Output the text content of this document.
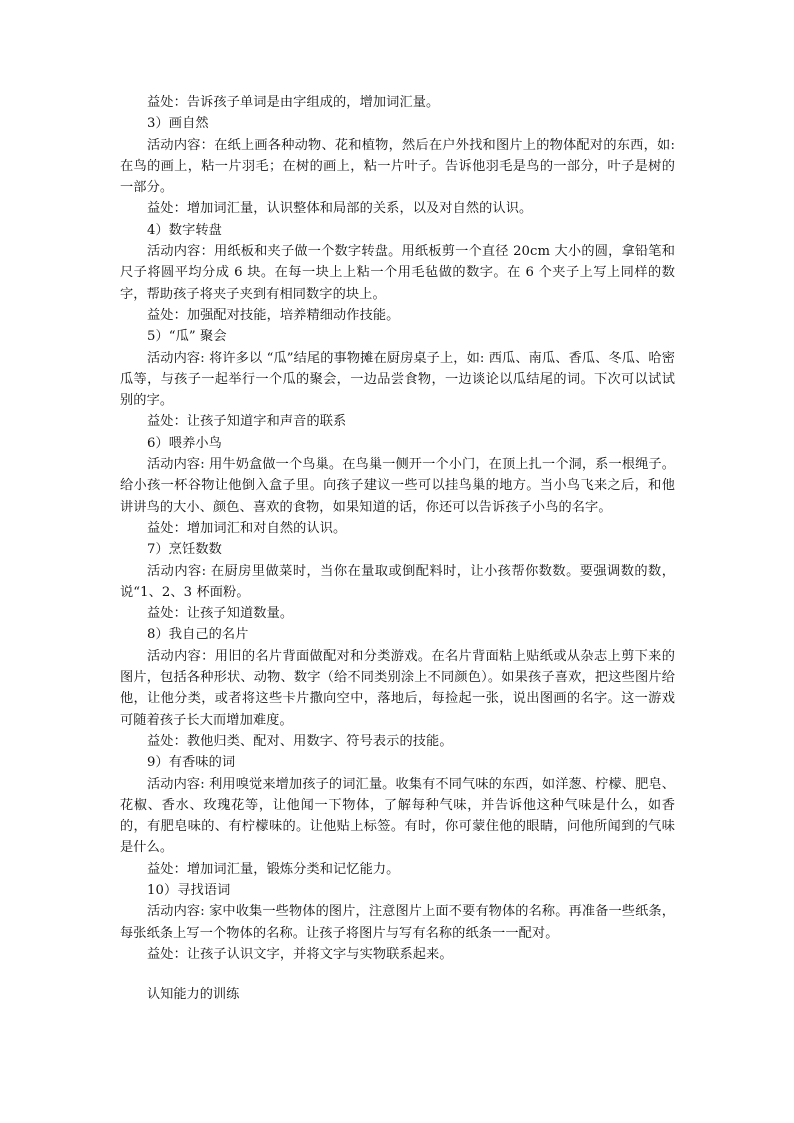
益处：告诉孩子单词是由字组成的，增加词汇量。

3）画自然

活动内容：在纸上画各种动物、花和植物，然后在户外找和图片上的物体配对的东西，如: 在鸟的画上，粘一片羽毛；在树的画上，粘一片叶子。告诉他羽毛是鸟的一部分，叶子是树的一部分。

益处：增加词汇量，认识整体和局部的关系，以及对自然的认识。

4）数字转盘

活动内容：用纸板和夹子做一个数字转盘。用纸板剪一个直径 20cm 大小的圆，拿铅笔和尺子将圆平均分成 6 块。在每一块上上粘一个用毛毡做的数字。在 6 个夹子上写上同样的数字，帮助孩子将夹子夹到有相同数字的块上。

益处：加强配对技能，培养精细动作技能。

5）“瓜” 聚会

活动内容: 将许多以 “瓜”结尾的事物摊在厨房桌子上，如: 西瓜、南瓜、香瓜、冬瓜、哈密瓜等，与孩子一起举行一个瓜的聚会，一边品尝食物，一边谈论以瓜结尾的词。下次可以试试别的字。

益处：让孩子知道字和声音的联系

6）喂养小鸟

活动内容: 用牛奶盒做一个鸟巢。在鸟巢一侧开一个小门，在顶上扎一个洞，系一根绳子。给小孩一杯谷物让他倒入盒子里。向孩子建议一些可以挂鸟巢的地方。当小鸟飞来之后，和他讲讲鸟的大小、颜色、喜欢的食物，如果知道的话，你还可以告诉孩子小鸟的名字。

益处：增加词汇和对自然的认识。

7）烹饪数数

活动内容: 在厨房里做菜时，当你在量取或倒配料时，让小孩帮你数数。要强调数的数，说“1、2、3 杯面粉。

益处：让孩子知道数量。

8）我自己的名片

活动内容：用旧的名片背面做配对和分类游戏。在名片背面粘上贴纸或从杂志上剪下来的图片，包括各种形状、动物、数字（给不同类别涂上不同颜色）。如果孩子喜欢，把这些图片给他，让他分类，或者将这些卡片撒向空中，落地后，每捡起一张，说出图画的名字。这一游戏可随着孩子长大而增加难度。

益处：教他归类、配对、用数字、符号表示的技能。

9）有香味的词

活动内容: 利用嗅觉来增加孩子的词汇量。收集有不同气味的东西，如洋葱、柠檬、肥皂、花椒、香水、玫瑰花等，让他闻一下物体，了解每种气味，并告诉他这种气味是什么，如香的，有肥皂味的、有柠檬味的。让他贴上标签。有时，你可蒙住他的眼睛，问他所闻到的气味是什么。

益处：增加词汇量，锻炼分类和记忆能力。

10）寻找语词

活动内容: 家中收集一些物体的图片，注意图片上面不要有物体的名称。再准备一些纸条，每张纸条上写一个物体的名称。让孩子将图片与写有名称的纸条一一配对。

益处：让孩子认识文字，并将文字与实物联系起来。

认知能力的训练
